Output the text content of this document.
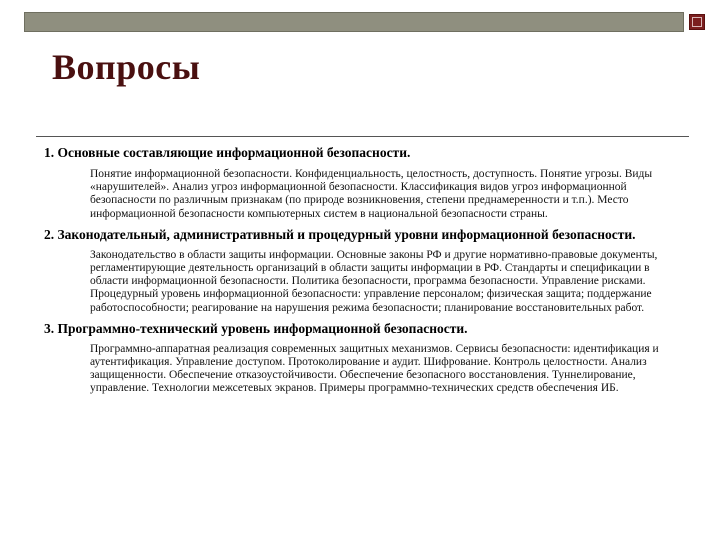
Вопросы
1. Основные составляющие информационной безопасности.
Понятие информационной безопасности. Конфиденциальность, целостность, доступность. Понятие угрозы. Виды «нарушителей». Анализ угроз информационной безопасности. Классификация видов угроз информационной безопасности по различным признакам (по природе возникновения, степени преднамеренности и т.п.). Место информационной безопасности компьютерных систем в национальной безопасности страны.
2. Законодательный, административный и процедурный уровни информационной безопасности.
Законодательство в области защиты информации. Основные законы РФ и другие нормативно-правовые документы, регламентирующие деятельность организаций в области защиты информации в РФ. Стандарты и спецификации в области информационной безопасности. Политика безопасности, программа безопасности. Управление рисками. Процедурный уровень информационной безопасности: управление персоналом; физическая защита; поддержание работоспособности; реагирование на нарушения режима безопасности; планирование восстановительных работ.
3. Программно-технический уровень информационной безопасности.
Программно-аппаратная реализация современных защитных механизмов. Сервисы безопасности: идентификация и аутентификация. Управление доступом. Протоколирование и аудит. Шифрование. Контроль целостности. Анализ защищенности. Обеспечение отказоустойчивости. Обеспечение безопасного восстановления. Туннелирование, управление. Технологии межсетевых экранов. Примеры программно-технических средств обеспечения ИБ.
